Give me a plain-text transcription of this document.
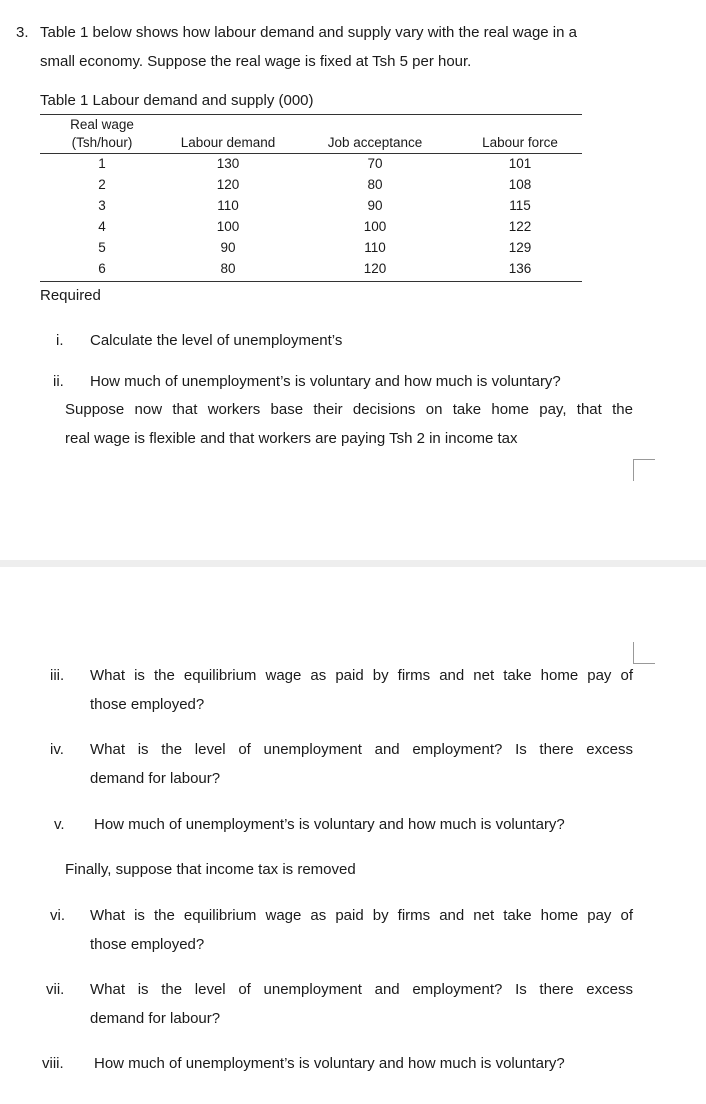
3. Table 1 below shows how labour demand and supply vary with the real wage in a
small economy. Suppose the real wage is fixed at Tsh 5 per hour.
Table 1 Labour demand and supply (000)
Real wage
(Tsh/hour)	Labour demand	Job acceptance	Labour force
1	130	70	101
2	120	80	108
3	110	90	115
4	100	100	122
5	90	110	129
6	80	120	136
Required
i. Calculate the level of unemployment’s
ii. How much of unemployment’s is voluntary and how much is voluntary?
Suppose now that workers base their decisions on take home pay, that the
real wage is flexible and that workers are paying Tsh 2 in income tax
iii. What is the equilibrium wage as paid by firms and net take home pay of
those employed?
iv. What is the level of unemployment and employment? Is there excess
demand for labour?
v. How much of unemployment’s is voluntary and how much is voluntary?
Finally, suppose that income tax is removed
vi. What is the equilibrium wage as paid by firms and net take home pay of
those employed?
vii. What is the level of unemployment and employment? Is there excess
demand for labour?
viii. How much of unemployment’s is voluntary and how much is voluntary?
